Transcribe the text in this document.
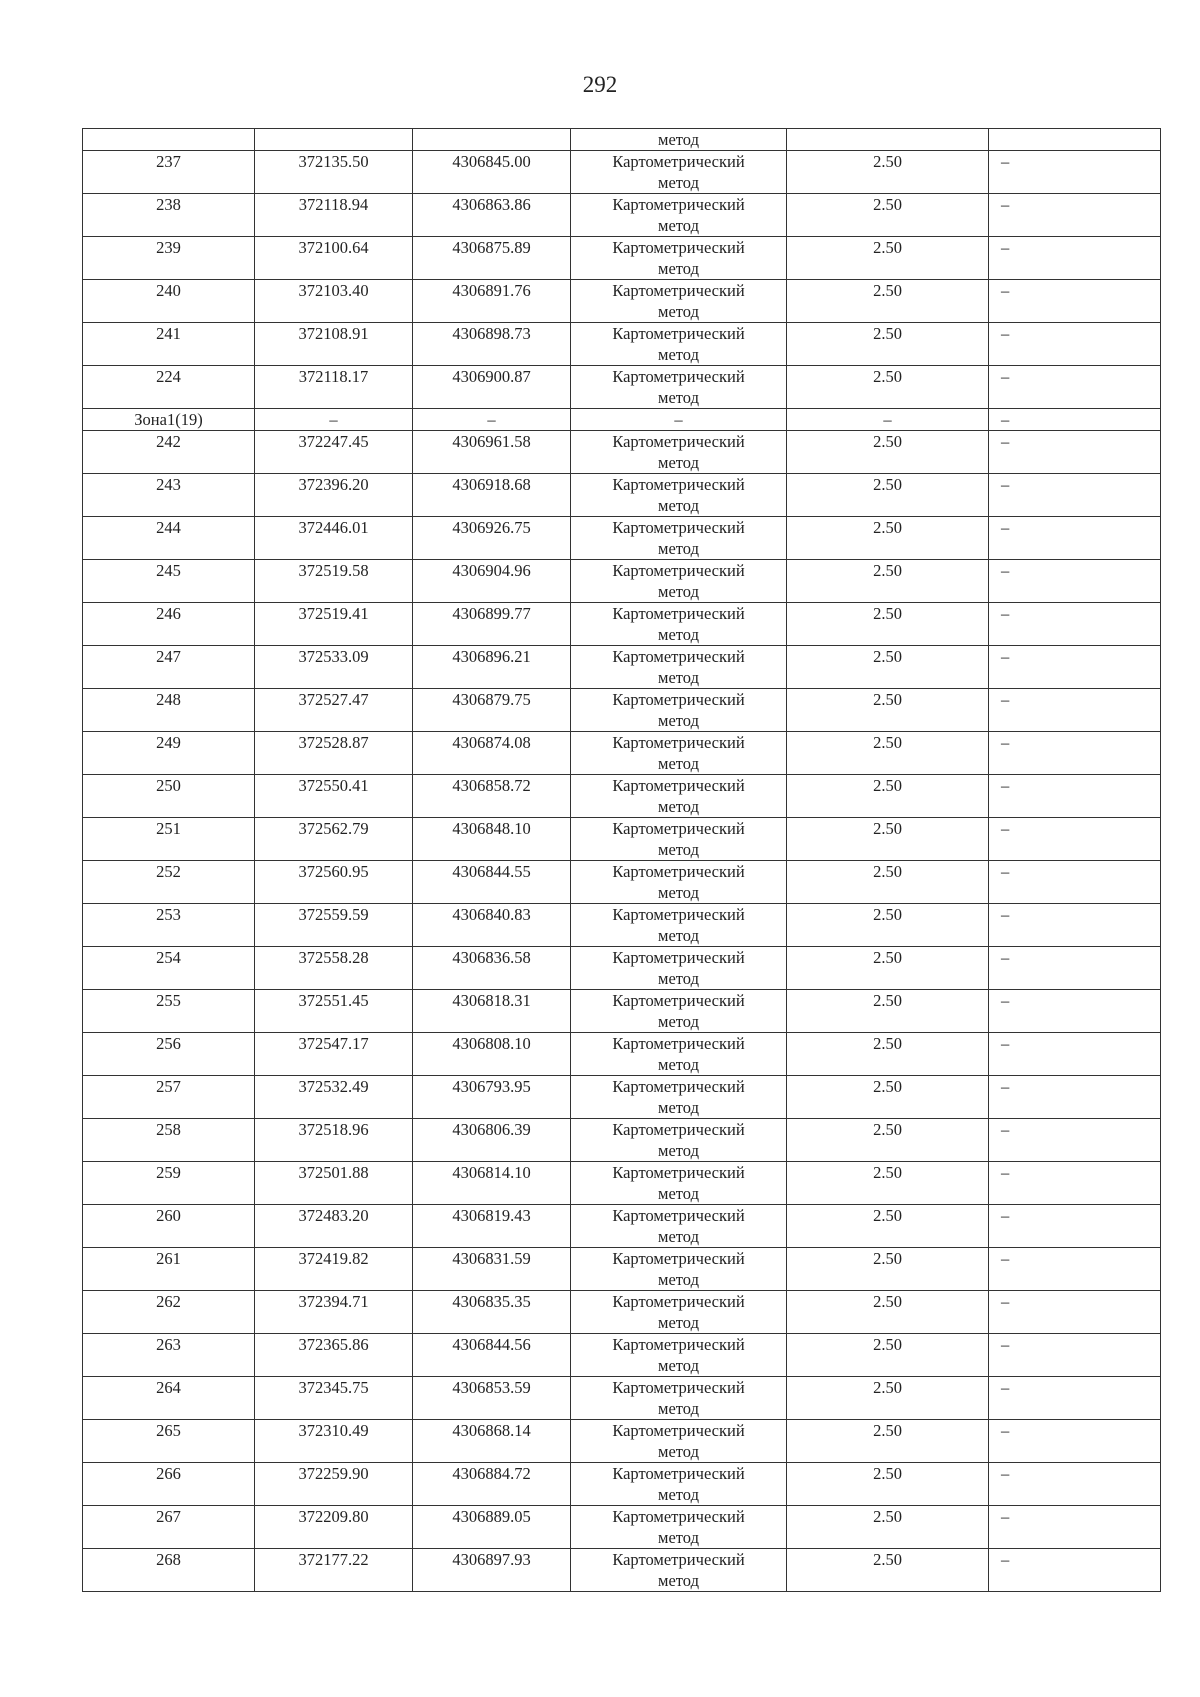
292
			метод		
237	372135.50	4306845.00	Картометрический
метод	2.50	–
238	372118.94	4306863.86	Картометрический
метод	2.50	–
239	372100.64	4306875.89	Картометрический
метод	2.50	–
240	372103.40	4306891.76	Картометрический
метод	2.50	–
241	372108.91	4306898.73	Картометрический
метод	2.50	–
224	372118.17	4306900.87	Картометрический
метод	2.50	–
Зона1(19)	–	–	–	–	–
242	372247.45	4306961.58	Картометрический
метод	2.50	–
243	372396.20	4306918.68	Картометрический
метод	2.50	–
244	372446.01	4306926.75	Картометрический
метод	2.50	–
245	372519.58	4306904.96	Картометрический
метод	2.50	–
246	372519.41	4306899.77	Картометрический
метод	2.50	–
247	372533.09	4306896.21	Картометрический
метод	2.50	–
248	372527.47	4306879.75	Картометрический
метод	2.50	–
249	372528.87	4306874.08	Картометрический
метод	2.50	–
250	372550.41	4306858.72	Картометрический
метод	2.50	–
251	372562.79	4306848.10	Картометрический
метод	2.50	–
252	372560.95	4306844.55	Картометрический
метод	2.50	–
253	372559.59	4306840.83	Картометрический
метод	2.50	–
254	372558.28	4306836.58	Картометрический
метод	2.50	–
255	372551.45	4306818.31	Картометрический
метод	2.50	–
256	372547.17	4306808.10	Картометрический
метод	2.50	–
257	372532.49	4306793.95	Картометрический
метод	2.50	–
258	372518.96	4306806.39	Картометрический
метод	2.50	–
259	372501.88	4306814.10	Картометрический
метод	2.50	–
260	372483.20	4306819.43	Картометрический
метод	2.50	–
261	372419.82	4306831.59	Картометрический
метод	2.50	–
262	372394.71	4306835.35	Картометрический
метод	2.50	–
263	372365.86	4306844.56	Картометрический
метод	2.50	–
264	372345.75	4306853.59	Картометрический
метод	2.50	–
265	372310.49	4306868.14	Картометрический
метод	2.50	–
266	372259.90	4306884.72	Картометрический
метод	2.50	–
267	372209.80	4306889.05	Картометрический
метод	2.50	–
268	372177.22	4306897.93	Картометрический
метод	2.50	–
